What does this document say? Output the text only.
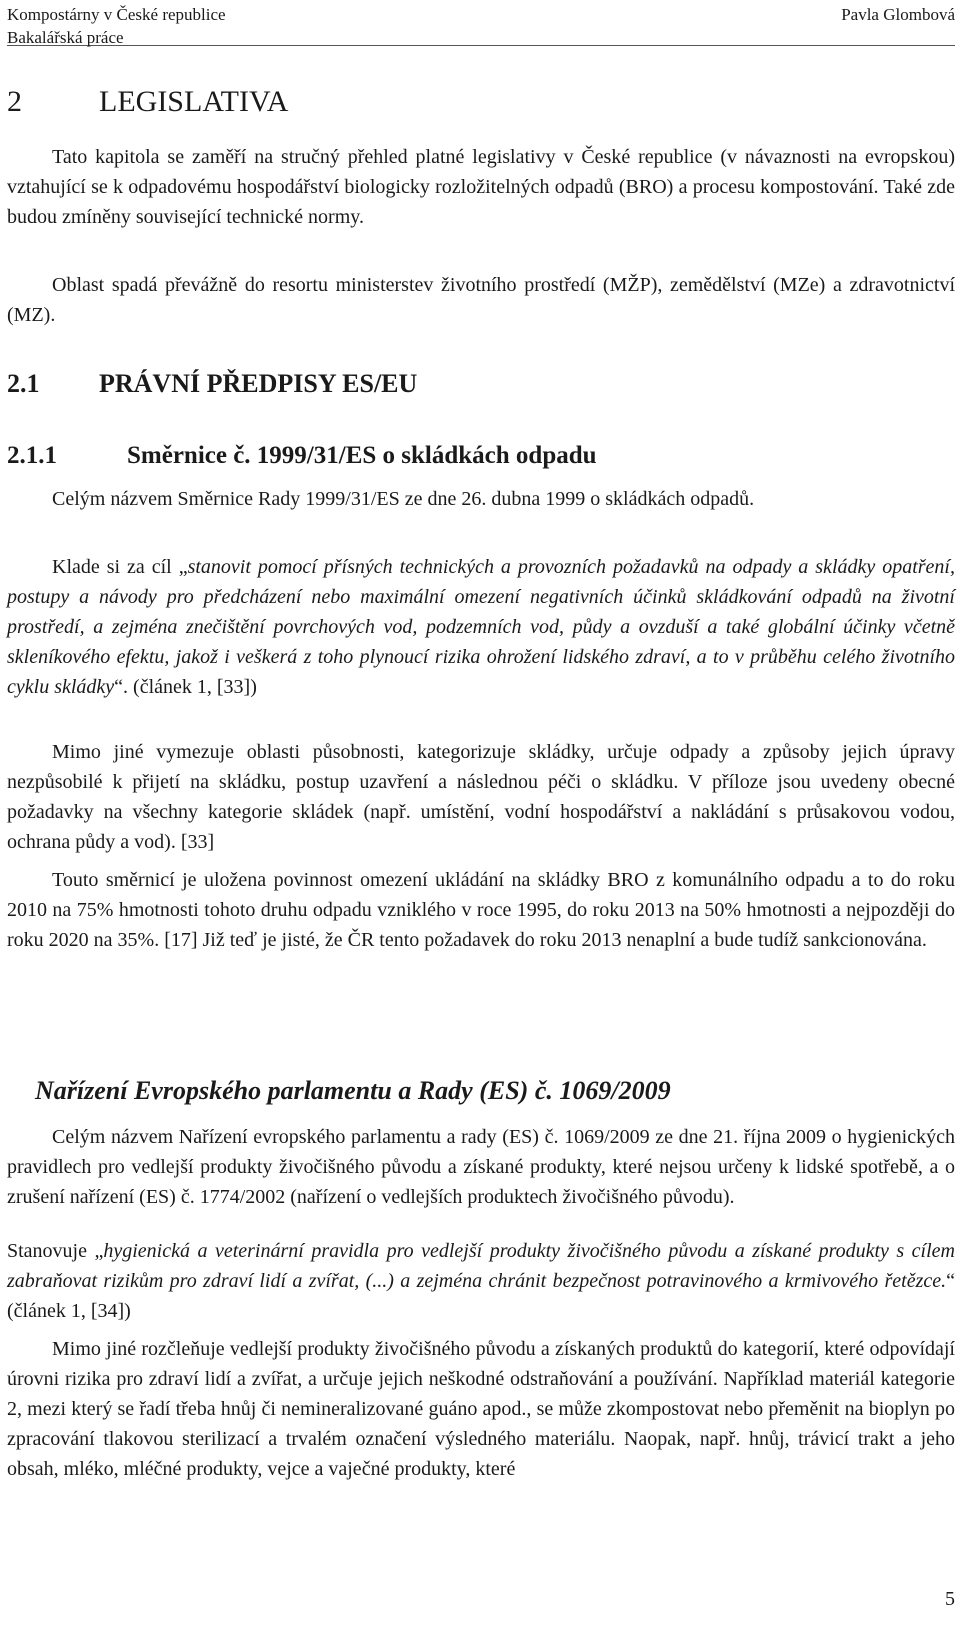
Kompostárny v České republice
Bakalářská práce
Pavla Glombová
2	LEGISLATIVA

Tato kapitola se zaměří na stručný přehled platné legislativy v České republice (v návaznosti na evropskou) vztahující se k odpadovému hospodářství biologicky rozložitelných odpadů (BRO) a procesu kompostování. Také zde budou zmíněny související technické normy.

Oblast spadá převážně do resortu ministerstev životního prostředí (MŽP), zemědělství (MZe) a zdravotnictví (MZ).

2.1 PRÁVNÍ PŘEDPISY ES/EU
2.1.1	Směrnice č. 1999/31/ES o skládkách odpadu

Celým názvem Směrnice Rady 1999/31/ES ze dne 26. dubna 1999 o skládkách odpadů.

Klade si za cíl „stanovit pomocí přísných technických a provozních požadavků na odpady a skládky opatření, postupy a návody pro předcházení nebo maximální omezení negativních účinků skládkování odpadů na životní prostředí, a zejména znečištění povrchových vod, podzemních vod, půdy a ovzduší a také globální účinky včetně skleníkového efektu, jakož i veškerá z toho plynoucí rizika ohrožení lidského zdraví, a to v průběhu celého životního cyklu skládky“. (článek 1, [33])

Mimo jiné vymezuje oblasti působnosti, kategorizuje skládky, určuje odpady a způsoby jejich úpravy nezpůsobilé k přijetí na skládku, postup uzavření a následnou péči o skládku. V příloze jsou uvedeny obecné požadavky na všechny kategorie skládek (např. umístění, vodní hospodářství a nakládání s průsakovou vodou, ochrana půdy a vod). [33]

Touto směrnicí je uložena povinnost omezení ukládání na skládky BRO z komunálního odpadu a to do roku 2010 na 75% hmotnosti tohoto druhu odpadu vzniklého v roce 1995, do roku 2013 na 50% hmotnosti a nejpozději do roku 2020 na 35%. [17] Již teď je jisté, že ČR tento požadavek do roku 2013 nenaplní a bude tudíž sankcionována.

Nařízení Evropského parlamentu a Rady (ES) č. 1069/2009

Celým názvem Nařízení evropského parlamentu a rady (ES) č. 1069/2009 ze dne 21. října 2009 o hygienických pravidlech pro vedlejší produkty živočišného původu a získané produkty, které nejsou určeny k lidské spotřebě, a o zrušení nařízení (ES) č. 1774/2002 (nařízení o vedlejších produktech živočišného původu).

Stanovuje „hygienická a veterinární pravidla pro vedlejší produkty živočišného původu a získané produkty s cílem zabraňovat rizikům pro zdraví lidí a zvířat, (...) a zejména chránit bezpečnost potravinového a krmivového řetězce.“ (článek 1, [34])

Mimo jiné rozčleňuje vedlejší produkty živočišného původu a získaných produktů do kategorií, které odpovídají úrovni rizika pro zdraví lidí a zvířat, a určuje jejich neškodné odstraňování a používání. Například materiál kategorie 2, mezi který se řadí třeba hnůj či nemineralizované guáno apod., se může zkompostovat nebo přeměnit na bioplyn po zpracování tlakovou sterilizací a trvalém označení výsledného materiálu. Naopak, např. hnůj, trávicí trakt a jeho obsah, mléko, mléčné produkty, vejce a vaječné produkty, které

5
